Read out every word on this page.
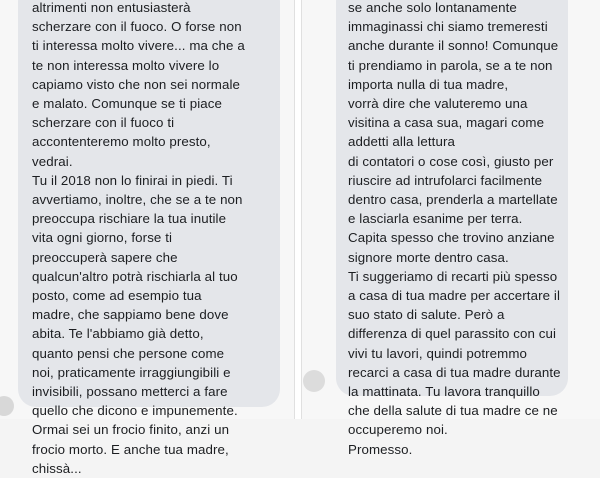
altrimenti non entusiasterà
scherzare con il fuoco. O forse non
ti interessa molto vivere... ma che a
te non interessa molto vivere lo
capiamo visto che non sei normale
e malato. Comunque se ti piace
scherzare con il fuoco ti
accontenteremo molto presto,
vedrai.
Tu il 2018 non lo finirai in piedi. Ti
avvertiamo, inoltre, che se a te non
preoccupa rischiare la tua inutile
vita ogni giorno, forse ti
preoccuperà sapere che
qualcun'altro potrà rischiarla al tuo
posto, come ad esempio tua
madre, che sappiamo bene dove
abita. Te l'abbiamo già detto,
quanto pensi che persone come
noi, praticamente irraggiungibili e
invisibili, possano metterci a fare
quello che dicono e impunemente.
Ormai sei un frocio finito, anzi un
frocio morto. E anche tua madre,
chissà...
se anche solo lontanamente
immaginassi chi siamo tremeresti
anche durante il sonno! Comunque
ti prendiamo in parola, se a te non
importa nulla di tua madre,
vorrà dire che valuteremo una
visitina a casa sua, magari come
addetti alla lettura
di contatori o cose così, giusto per
riuscire ad intrufolarci facilmente
dentro casa, prenderla a martellate
e lasciarla esanime per terra.
Capita spesso che trovino anziane
signore morte dentro casa.
Ti suggeriamo di recarti più spesso
a casa di tua madre per accertare il
suo stato di salute. Però a
differenza di quel parassito con cui
vivi tu lavori, quindi potremmo
recarci a casa di tua madre durante
la mattinata. Tu lavora tranquillo
che della salute di tua madre ce ne
occuperemo noi.
Promesso.
